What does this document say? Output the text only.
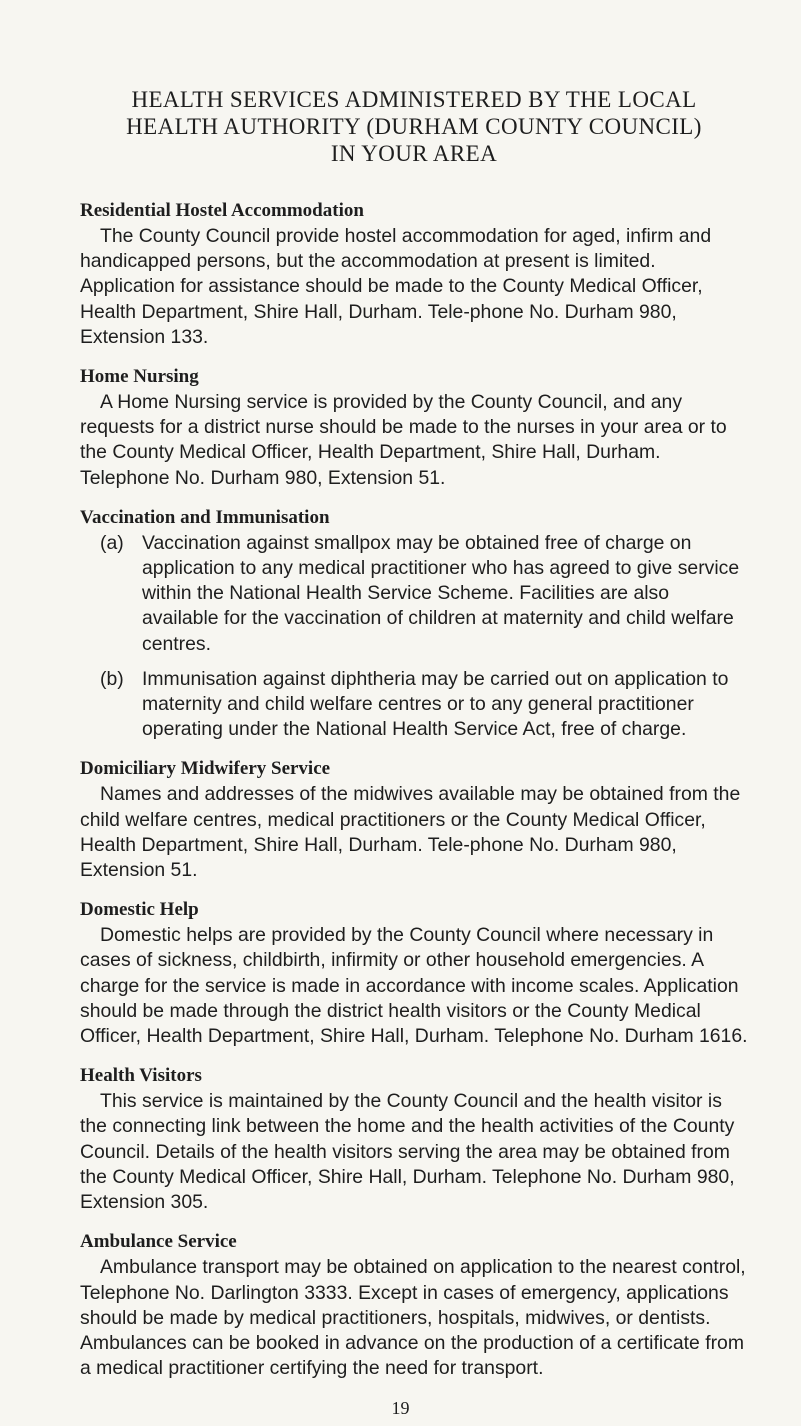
HEALTH SERVICES ADMINISTERED BY THE LOCAL
HEALTH AUTHORITY (DURHAM COUNTY COUNCIL)
IN YOUR AREA

Residential Hostel Accommodation

The County Council provide hostel accommodation for aged, infirm and handicapped persons, but the accommodation at present is limited. Application for assistance should be made to the County Medical Officer, Health Department, Shire Hall, Durham. Tele-phone No. Durham 980, Extension 133.

Home Nursing

A Home Nursing service is provided by the County Council, and any requests for a district nurse should be made to the nurses in your area or to the County Medical Officer, Health Department, Shire Hall, Durham. Telephone No. Durham 980, Extension 51.

Vaccination and Immunisation

(a) Vaccination against smallpox may be obtained free of charge on application to any medical practitioner who has agreed to give service within the National Health Service Scheme. Facilities are also available for the vaccination of children at maternity and child welfare centres.

(b) Immunisation against diphtheria may be carried out on application to maternity and child welfare centres or to any general practitioner operating under the National Health Service Act, free of charge.

Domiciliary Midwifery Service

Names and addresses of the midwives available may be obtained from the child welfare centres, medical practitioners or the County Medical Officer, Health Department, Shire Hall, Durham. Tele-phone No. Durham 980, Extension 51.

Domestic Help

Domestic helps are provided by the County Council where necessary in cases of sickness, childbirth, infirmity or other household emergencies. A charge for the service is made in accordance with income scales. Application should be made through the district health visitors or the County Medical Officer, Health Department, Shire Hall, Durham. Telephone No. Durham 1616.

Health Visitors

This service is maintained by the County Council and the health visitor is the connecting link between the home and the health activities of the County Council. Details of the health visitors serving the area may be obtained from the County Medical Officer, Shire Hall, Durham. Telephone No. Durham 980, Extension 305.

Ambulance Service

Ambulance transport may be obtained on application to the nearest control, Telephone No. Darlington 3333. Except in cases of emergency, applications should be made by medical practitioners, hospitals, midwives, or dentists. Ambulances can be booked in advance on the production of a certificate from a medical practitioner certifying the need for transport.

19
